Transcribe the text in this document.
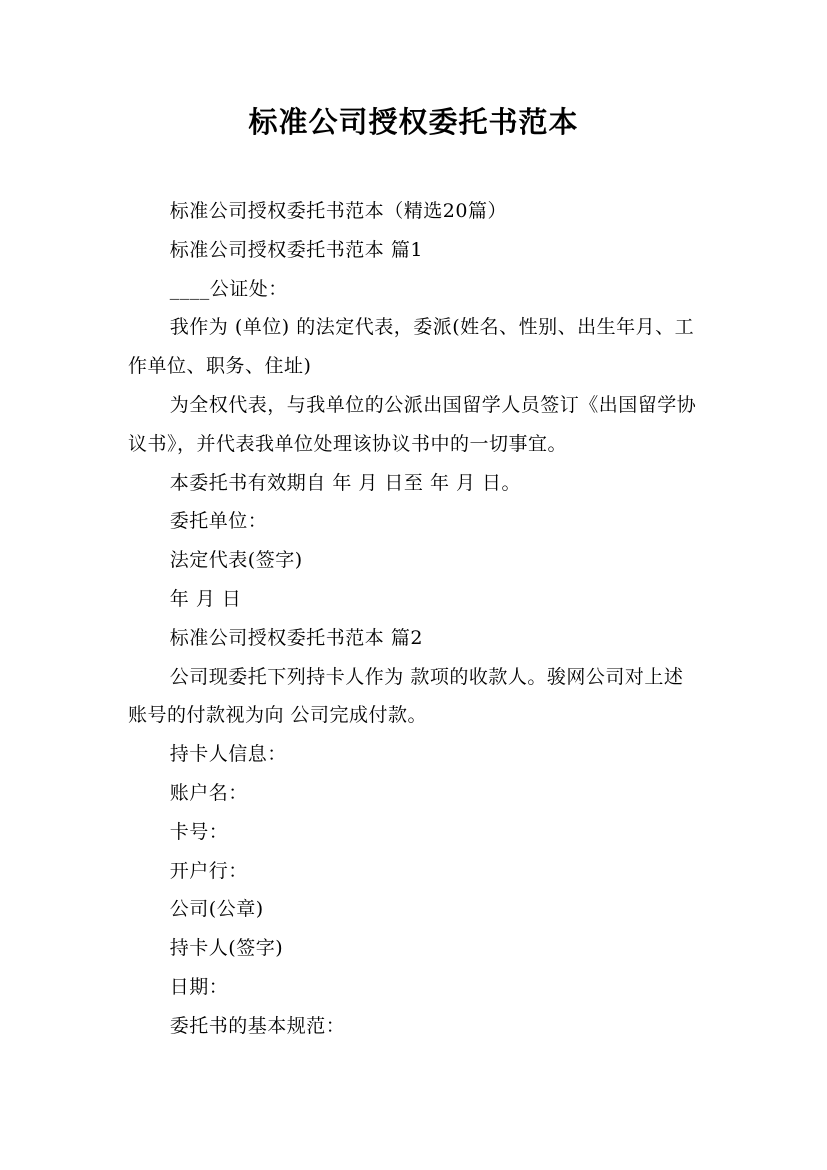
标准公司授权委托书范本

标准公司授权委托书范本（精选20篇）

标准公司授权委托书范本 篇1

____公证处：

我作为 (单位) 的法定代表，委派(姓名、性别、出生年月、工作单位、职务、住址)

为全权代表，与我单位的公派出国留学人员签订《出国留学协议书》，并代表我单位处理该协议书中的一切事宜。

本委托书有效期自 年 月 日至 年 月 日。

委托单位：

法定代表(签字)

年 月 日

标准公司授权委托书范本 篇2

公司现委托下列持卡人作为 款项的收款人。骏网公司对上述账号的付款视为向 公司完成付款。

持卡人信息：

账户名：

卡号：

开户行：

公司(公章)

持卡人(签字)

日期：

委托书的基本规范：
